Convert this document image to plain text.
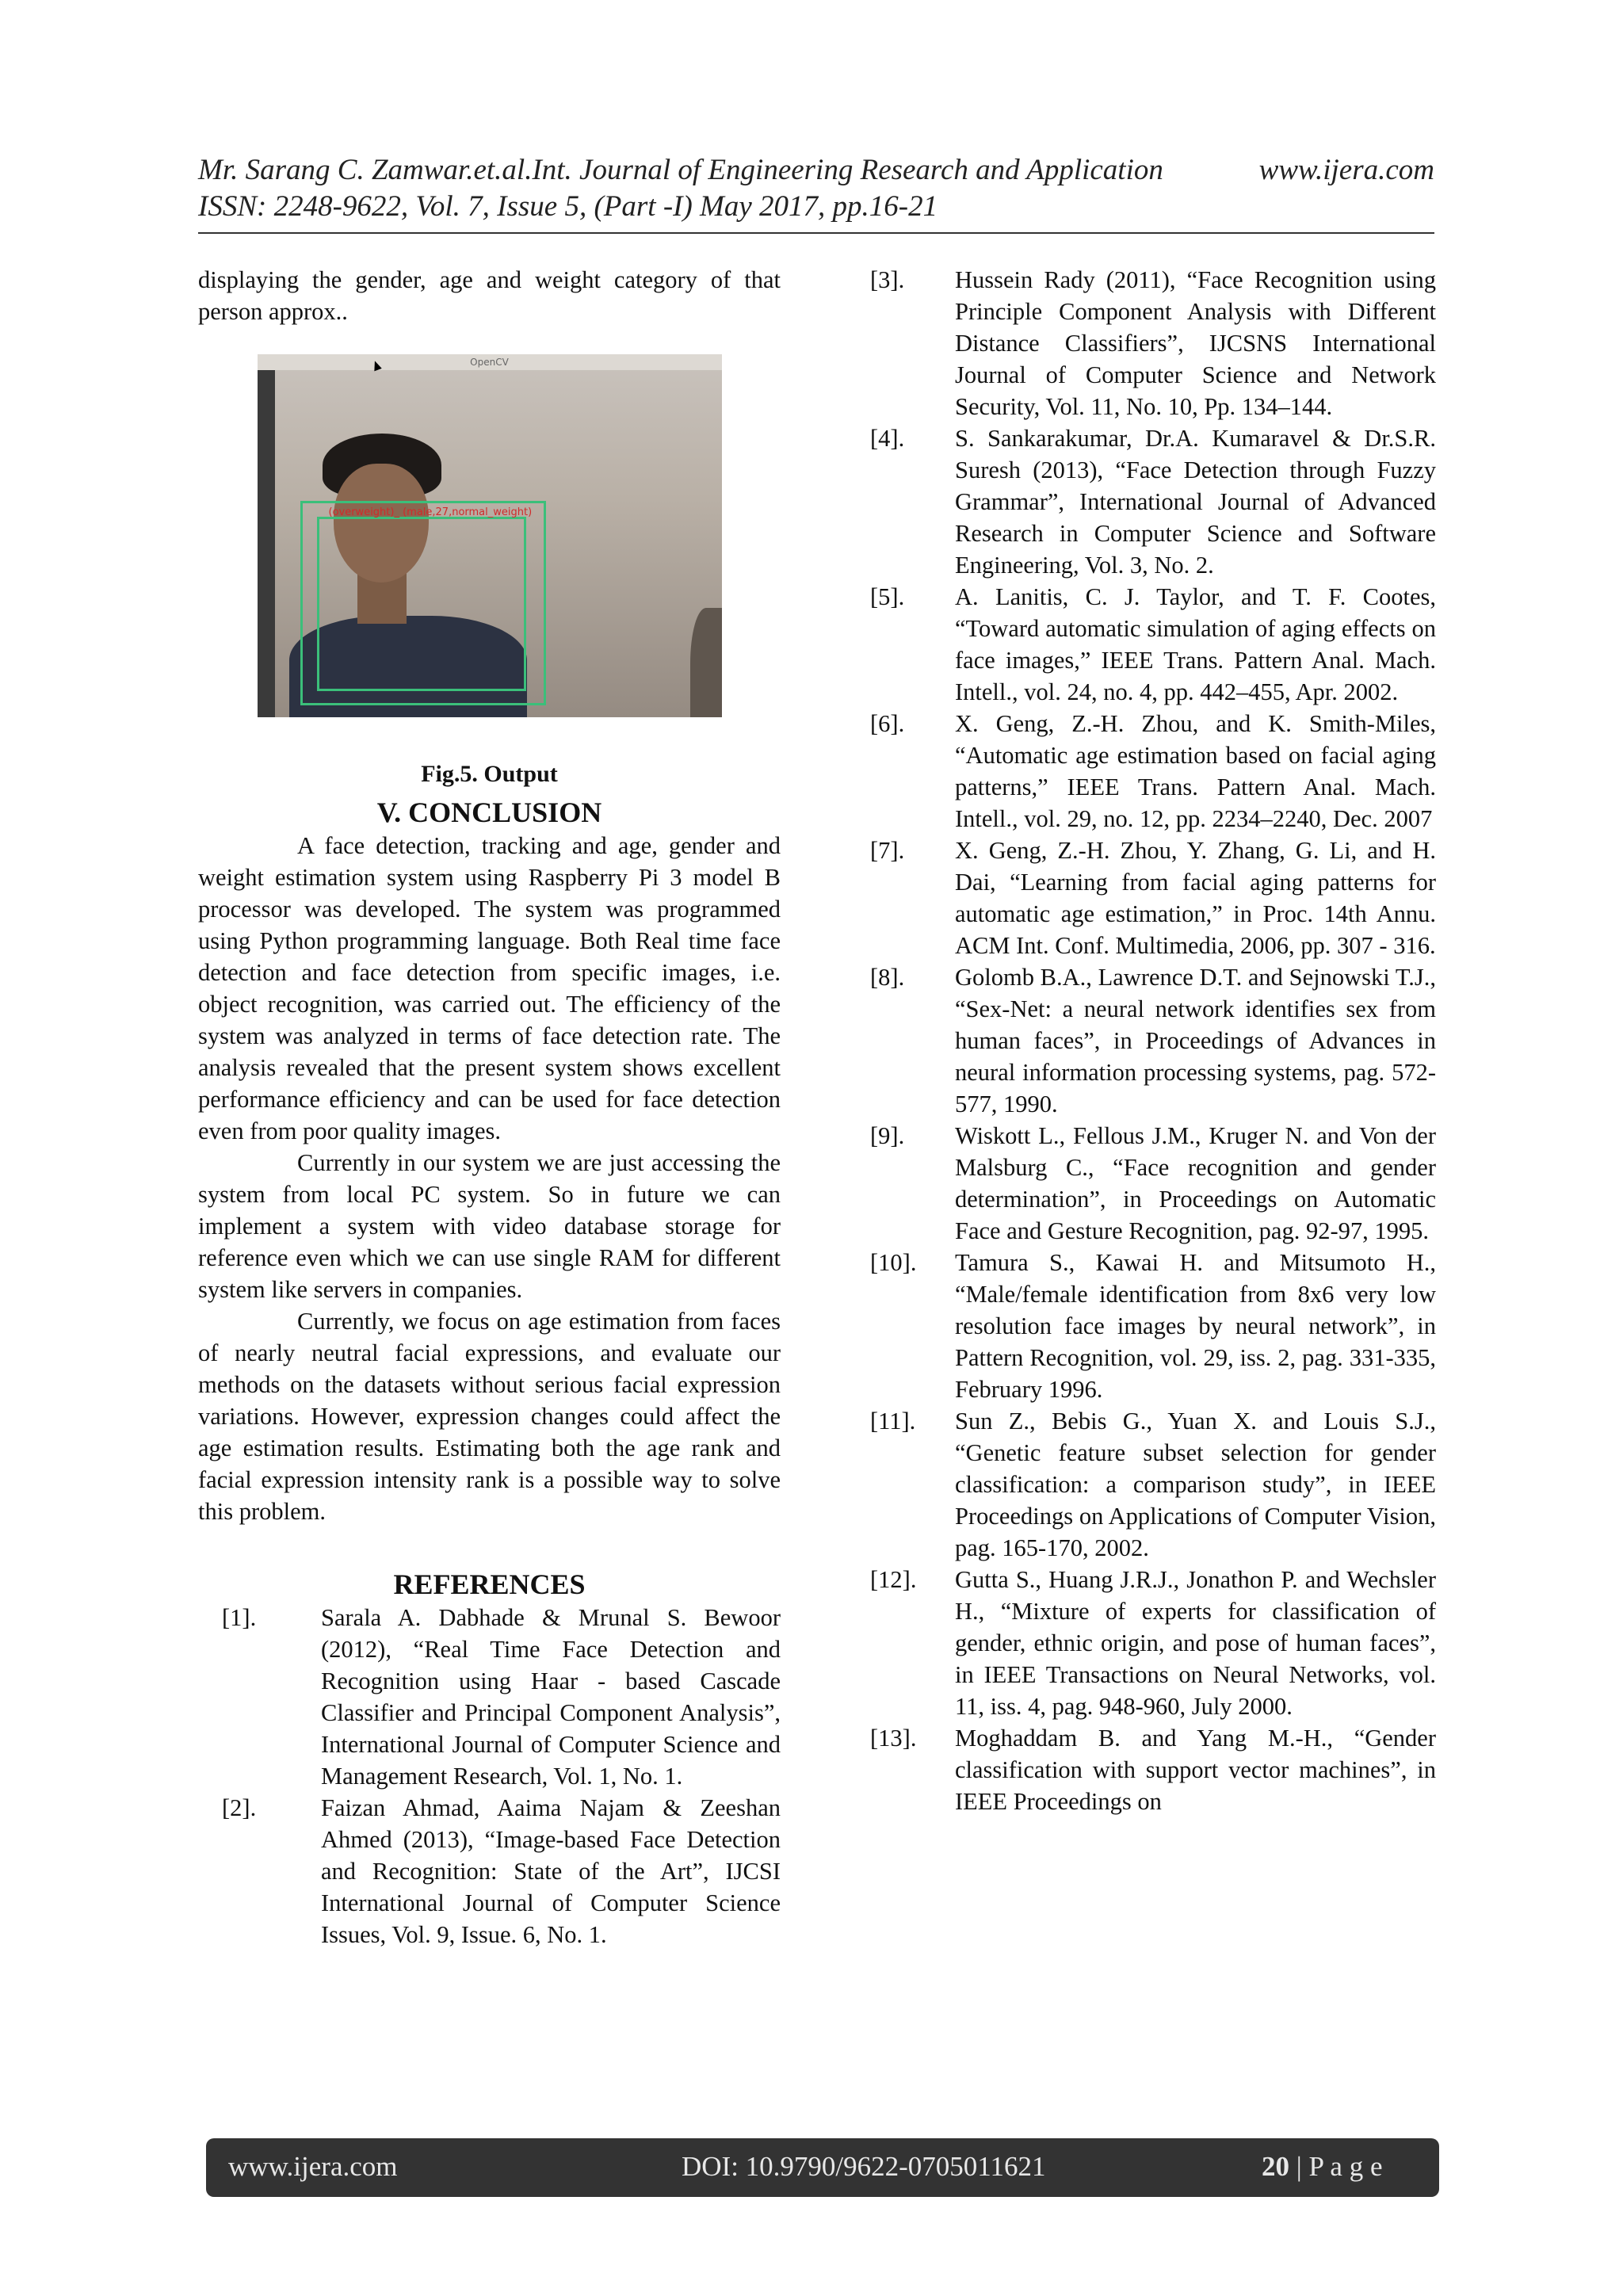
Mr. Sarang C. Zamwar.et.al.Int. Journal of Engineering Research and Application	www.ijera.com
ISSN: 2248-9622, Vol. 7, Issue 5, (Part -I) May 2017, pp.16-21

displaying the gender, age and weight category of that person approx..

OpenCV
(overweight)_ (male,27,normal_weight)
Fig.5. Output
V. CONCLUSION

A face detection, tracking and age, gender and weight estimation system using Raspberry Pi 3 model B processor was developed. The system was programmed using Python programming language. Both Real time face detection and face detection from specific images, i.e. object recognition, was carried out. The efficiency of the system was analyzed in terms of face detection rate. The analysis revealed that the present system shows excellent performance efficiency and can be used for face detection even from poor quality images.

Currently in our system we are just accessing the system from local PC system. So in future we can implement a system with video database storage for reference even which we can use single RAM for different system like servers in companies.

Currently, we focus on age estimation from faces of nearly neutral facial expressions, and evaluate our methods on the datasets without serious facial expression variations. However, expression changes could affect the age estimation results. Estimating both the age rank and facial expression intensity rank is a possible way to solve this problem.

REFERENCES
[1].	Sarala A. Dabhade & Mrunal S. Bewoor (2012), “Real Time Face Detection and Recognition using Haar - based Cascade Classifier and Principal Component Analysis”, International Journal of Computer Science and Management Research, Vol. 1, No. 1.
[2].	Faizan Ahmad, Aaima Najam & Zeeshan Ahmed (2013), “Image-based Face Detection and Recognition: State of the Art”, IJCSI International Journal of Computer Science Issues, Vol. 9, Issue. 6, No. 1.
[3].	Hussein Rady (2011), “Face Recognition using Principle Component Analysis with Different Distance Classifiers”, IJCSNS International Journal of Computer Science and Network Security, Vol. 11, No. 10, Pp. 134–144.
[4].	S. Sankarakumar, Dr.A. Kumaravel & Dr.S.R. Suresh (2013), “Face Detection through Fuzzy Grammar”, International Journal of Advanced Research in Computer Science and Software Engineering, Vol. 3, No. 2.
[5].	A. Lanitis, C. J. Taylor, and T. F. Cootes, “Toward automatic simulation of aging effects on face images,” IEEE Trans. Pattern Anal. Mach. Intell., vol. 24, no. 4, pp. 442–455, Apr. 2002.
[6].	X. Geng, Z.-H. Zhou, and K. Smith-Miles, “Automatic age estimation based on facial aging patterns,” IEEE Trans. Pattern Anal. Mach. Intell., vol. 29, no. 12, pp. 2234–2240, Dec. 2007
[7].	X. Geng, Z.-H. Zhou, Y. Zhang, G. Li, and H. Dai, “Learning from facial aging patterns for automatic age estimation,” in Proc. 14th Annu. ACM Int. Conf. Multimedia, 2006, pp. 307 - 316.
[8].	Golomb B.A., Lawrence D.T. and Sejnowski T.J., “Sex-Net: a neural network identifies sex from human faces”, in Proceedings of Advances in neural information processing systems, pag. 572-577, 1990.
[9].	Wiskott L., Fellous J.M., Kruger N. and Von der Malsburg C., “Face recognition and gender determination”, in Proceedings on Automatic Face and Gesture Recognition, pag. 92-97, 1995.
[10].	Tamura S., Kawai H. and Mitsumoto H., “Male/female identification from 8x6 very low resolution face images by neural network”, in Pattern Recognition, vol. 29, iss. 2, pag. 331-335, February 1996.
[11].	Sun Z., Bebis G., Yuan X. and Louis S.J., “Genetic feature subset selection for gender classification: a comparison study”, in IEEE Proceedings on Applications of Computer Vision, pag. 165-170, 2002.
[12].	Gutta S., Huang J.R.J., Jonathon P. and Wechsler H., “Mixture of experts for classification of gender, ethnic origin, and pose of human faces”, in IEEE Transactions on Neural Networks, vol. 11, iss. 4, pag. 948-960, July 2000.
[13].	Moghaddam B. and Yang M.-H., “Gender classification with support vector machines”, in IEEE Proceedings on
www.ijera.com	DOI: 10.9790/9622-0705011621	20 | P a g e
